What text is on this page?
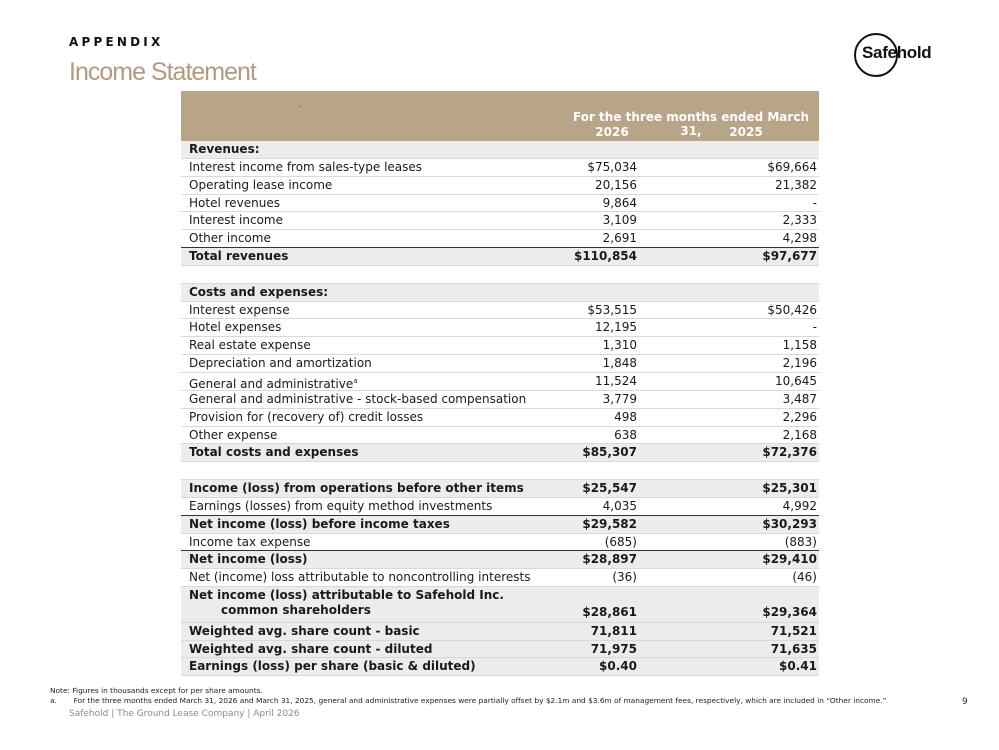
APPENDIX
Income Statement
Safehold
.
For the three months ended March 31,
2026	2025
Revenues:
Interest income from sales-type leases	$75,034	$69,664
Operating lease income	20,156	21,382
Hotel revenues	9,864	-
Interest income	3,109	2,333
Other income	2,691	4,298
Total revenues	$110,854	$97,677
Costs and expenses:
Interest expense	$53,515	$50,426
Hotel expenses	12,195	-
Real estate expense	1,310	1,158
Depreciation and amortization	1,848	2,196
General and administrative$^a$	11,524	10,645
General and administrative - stock-based compensation	3,779	3,487
Provision for (recovery of) credit losses	498	2,296
Other expense	638	2,168
Total costs and expenses	$85,307	$72,376
Income (loss) from operations before other items	$25,547	$25,301
Earnings (losses) from equity method investments	4,035	4,992
Net income (loss) before income taxes	$29,582	$30,293
Income tax expense	(685)	(883)
Net income (loss)	$28,897	$29,410
Net (income) loss attributable to noncontrolling interests	(36)	(46)
Net income (loss) attributable to Safehold Inc.
common shareholders	$28,861	$29,364
Weighted avg. share count - basic	71,811	71,521
Weighted avg. share count - diluted	71,975	71,635
Earnings (loss) per share (basic & diluted)	$0.40	$0.41
Note: Figures in thousands except for per share amounts.
a. For the three months ended March 31, 2026 and March 31, 2025, general and administrative expenses were partially offset by $2.1m and $3.6m of management fees, respectively, which are included in “Other income.”	9
Safehold | The Ground Lease Company | April 2026
